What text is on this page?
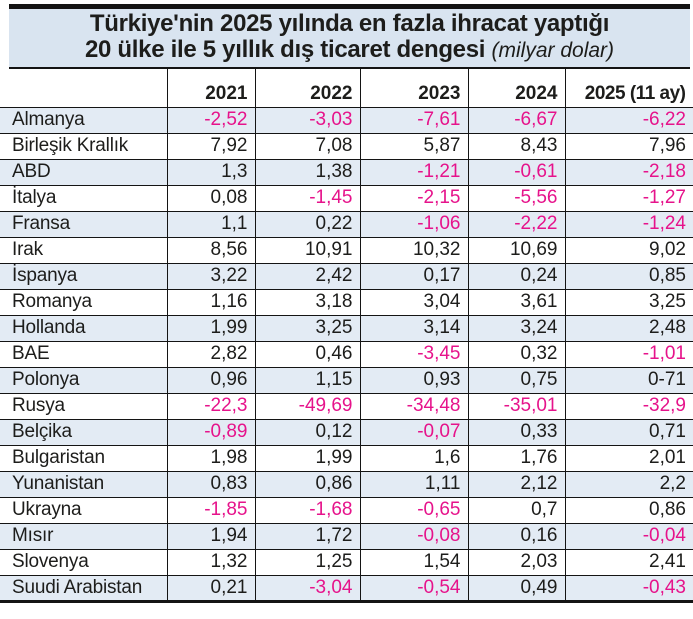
Türkiye'nin 2025 yılında en fazla ihracat yaptığı
20 ülke ile 5 yıllık dış ticaret dengesi (milyar dolar)
	2021	2022	2023	2024	2025 (11 ay)
Almanya	-2,52	-3,03	-7,61	-6,67	-6,22
Birleşik Krallık	7,92	7,08	5,87	8,43	7,96
ABD	1,3	1,38	-1,21	-0,61	-2,18
İtalya	0,08	-1,45	-2,15	-5,56	-1,27
Fransa	1,1	0,22	-1,06	-2,22	-1,24
Irak	8,56	10,91	10,32	10,69	9,02
İspanya	3,22	2,42	0,17	0,24	0,85
Romanya	1,16	3,18	3,04	3,61	3,25
Hollanda	1,99	3,25	3,14	3,24	2,48
BAE	2,82	0,46	-3,45	0,32	-1,01
Polonya	0,96	1,15	0,93	0,75	0-71
Rusya	-22,3	-49,69	-34,48	-35,01	-32,9
Belçika	-0,89	0,12	-0,07	0,33	0,71
Bulgaristan	1,98	1,99	1,6	1,76	2,01
Yunanistan	0,83	0,86	1,11	2,12	2,2
Ukrayna	-1,85	-1,68	-0,65	0,7	0,86
Mısır	1,94	1,72	-0,08	0,16	-0,04
Slovenya	1,32	1,25	1,54	2,03	2,41
Suudi Arabistan	0,21	-3,04	-0,54	0,49	-0,43
